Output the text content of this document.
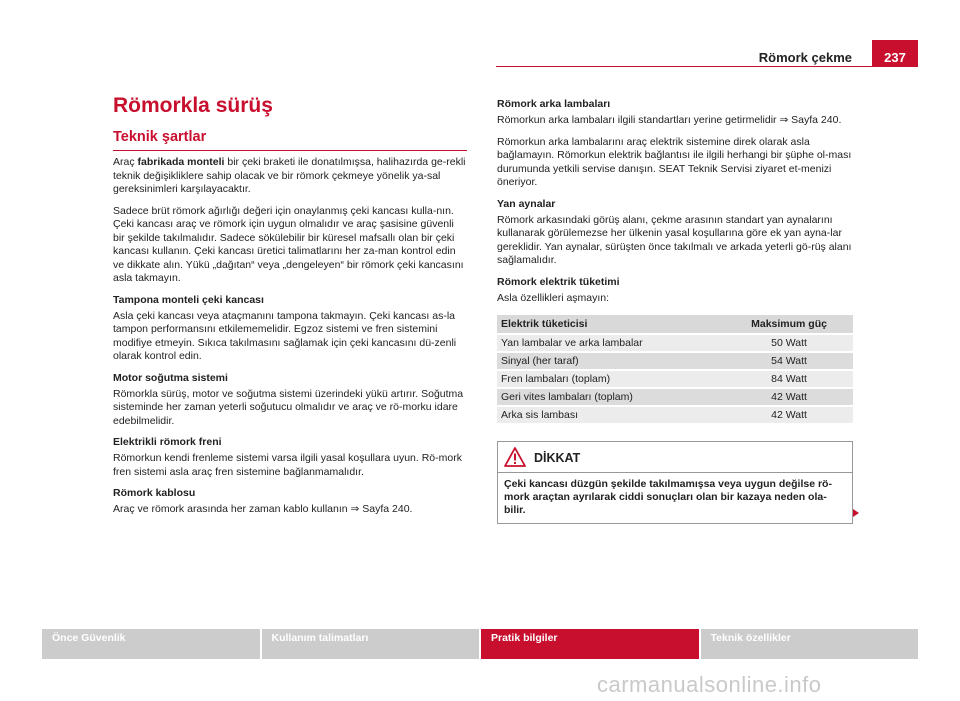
Römork çekme	237
Römorkla sürüş
Teknik şartlar

Araç fabrikada monteli bir çeki braketi ile donatılmışsa, halihazırda ge-rekli teknik değişikliklere sahip olacak ve bir römork çekmeye yönelik ya-sal gereksinimleri karşılayacaktır.

Sadece brüt römork ağırlığı değeri için onaylanmış çeki kancası kulla-nın. Çeki kancası araç ve römork için uygun olmalıdır ve araç şasisine güvenli bir şekilde takılmalıdır. Sadece sökülebilir bir küresel mafsallı olan bir çeki kancası kullanın. Çeki kancası üretici talimatlarını her za-man kontrol edin ve dikkate alın. Yükü „dağıtan“ veya „dengeleyen“ bir römork çeki kancasını asla takmayın.

Tampona monteli çeki kancası

Asla çeki kancası veya ataçmanını tampona takmayın. Çeki kancası as-la tampon performansını etkilememelidir. Egzoz sistemi ve fren sistemini modifiye etmeyin. Sıkıca takılmasını sağlamak için çeki kancasını dü-zenli olarak kontrol edin.

Motor soğutma sistemi

Römorkla sürüş, motor ve soğutma sistemi üzerindeki yükü artırır. Soğutma sisteminde her zaman yeterli soğutucu olmalıdır ve araç ve rö-morku idare edebilmelidir.

Elektrikli römork freni

Römorkun kendi frenleme sistemi varsa ilgili yasal koşullara uyun. Rö-mork fren sistemi asla araç fren sistemine bağlanmamalıdır.

Römork kablosu

Araç ve römork arasında her zaman kablo kullanın ⇒ Sayfa 240.

Römork arka lambaları

Römorkun arka lambaları ilgili standartları yerine getirmelidir ⇒ Sayfa 240.

Römorkun arka lambalarını araç elektrik sistemine direk olarak asla bağlamayın. Römorkun elektrik bağlantısı ile ilgili herhangi bir şüphe ol-ması durumunda yetkili servise danışın. SEAT Teknik Servisi ziyaret et-menizi öneriyor.

Yan aynalar

Römork arkasındaki görüş alanı, çekme arasının standart yan aynalarını kullanarak görülemezse her ülkenin yasal koşullarına göre ek yan ayna-lar gereklidir. Yan aynalar, sürüşten önce takılmalı ve arkada yeterli gö-rüş alanı sağlamalıdır.

Römork elektrik tüketimi

Asla özellikleri aşmayın:

Elektrik tüketicisi	Maksimum güç
Yan lambalar ve arka lambalar	50 Watt
Sinyal (her taraf)	54 Watt
Fren lambaları (toplam)	84 Watt
Geri vites lambaları (toplam)	42 Watt
Arka sis lambası	42 Watt
DİKKAT
Çeki kancası düzgün şekilde takılmamışsa veya uygun değilse rö-mork araçtan ayrılarak ciddi sonuçları olan bir kazaya neden ola-bilir.
Önce Güvenlik	Kullanım talimatları	Pratik bilgiler	Teknik özellikler
carmanualsonline.info
